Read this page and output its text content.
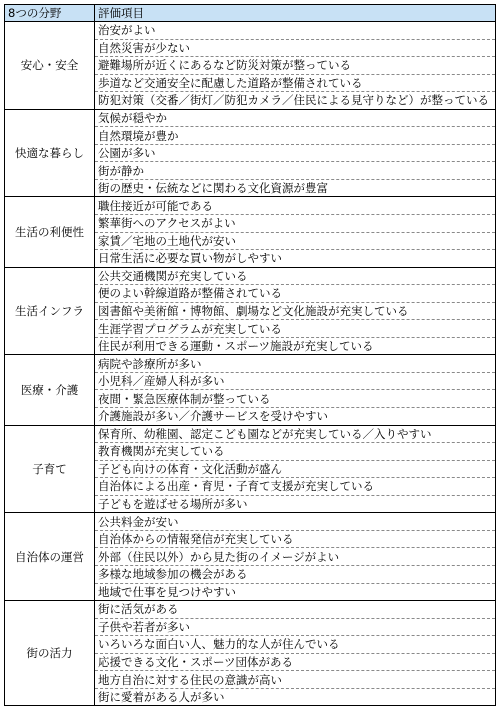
8つの分野	評価項目
安心・安全	治安がよい
	自然災害が少ない
	避難場所が近くにあるなど防災対策が整っている
	歩道など交通安全に配慮した道路が整備されている
	防犯対策（交番／街灯／防犯カメラ／住民による見守りなど）が整っている
快適な暮らし	気候が穏やか
	自然環境が豊か
	公園が多い
	街が静か
	街の歴史・伝統などに関わる文化資源が豊富
生活の利便性	職住接近が可能である
	繁華街へのアクセスがよい
	家賃／宅地の土地代が安い
	日常生活に必要な買い物がしやすい
生活インフラ	公共交通機関が充実している
	便のよい幹線道路が整備されている
	図書館や美術館・博物館、劇場など文化施設が充実している
	生涯学習プログラムが充実している
	住民が利用できる運動・スポーツ施設が充実している
医療・介護	病院や診療所が多い
	小児科／産婦人科が多い
	夜間・緊急医療体制が整っている
	介護施設が多い／介護サービスを受けやすい
子育て	保育所、幼稚園、認定こども園などが充実している／入りやすい
	教育機関が充実している
	子ども向けの体育・文化活動が盛ん
	自治体による出産・育児・子育て支援が充実している
	子どもを遊ばせる場所が多い
自治体の運営	公共料金が安い
	自治体からの情報発信が充実している
	外部（住民以外）から見た街のイメージがよい
	多様な地域参加の機会がある
	地域で仕事を見つけやすい
街の活力	街に活気がある
	子供や若者が多い
	いろいろな面白い人、魅力的な人が住んでいる
	応援できる文化・スポーツ団体がある
	地方自治に対する住民の意識が高い
	街に愛着がある人が多い
